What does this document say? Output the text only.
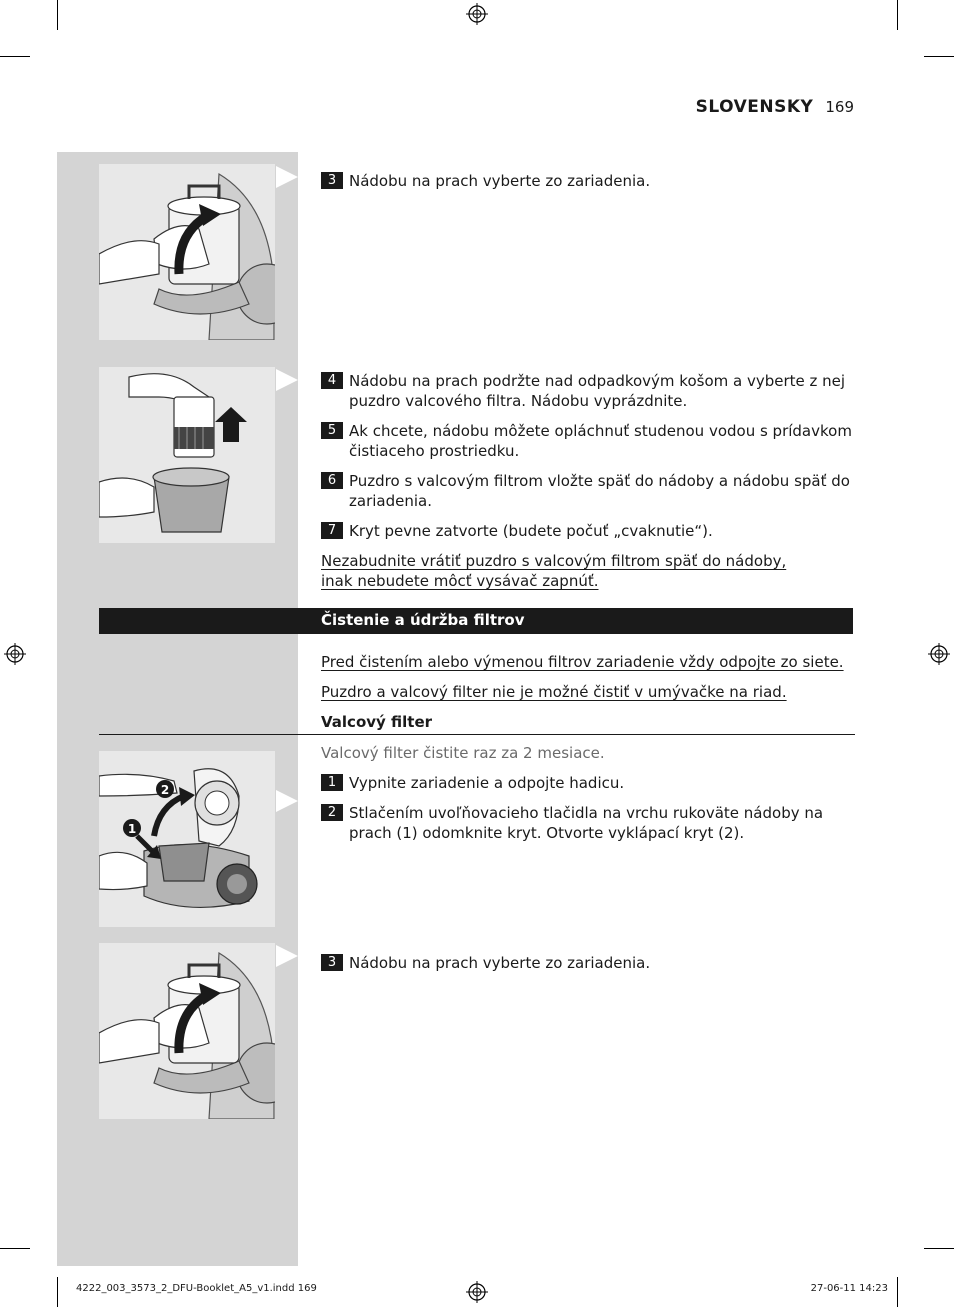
SLOVENSKY 169
2
1
3 Nádobu na prach vyberte zo zariadenia.
4 Nádobu na prach podržte nad odpadkovým košom a vyberte z nej puzdro valcového filtra. Nádobu vyprázdnite.
5 Ak chcete, nádobu môžete opláchnuť studenou vodou s prídavkom čistiaceho prostriedku.
6 Puzdro s valcovým filtrom vložte späť do nádoby a nádobu späť do zariadenia.
7 Kryt pevne zatvorte (budete počuť „cvaknutie“).
Nezabudnite vrátiť puzdro s valcovým filtrom späť do nádoby, inak nebudete môcť vysávač zapnúť.
Čistenie a údržba filtrov
Pred čistením alebo výmenou filtrov zariadenie vždy odpojte zo siete.
Puzdro a valcový filter nie je možné čistiť v umývačke na riad.
Valcový filter
Valcový filter čistite raz za 2 mesiace.
1 Vypnite zariadenie a odpojte hadicu.
2 Stlačením uvoľňovacieho tlačidla na vrchu rukoväte nádoby na prach (1) odomknite kryt. Otvorte vyklápací kryt (2).
3 Nádobu na prach vyberte zo zariadenia.
4222_003_3573_2_DFU-Booklet_A5_v1.indd 169	27-06-11 14:23
